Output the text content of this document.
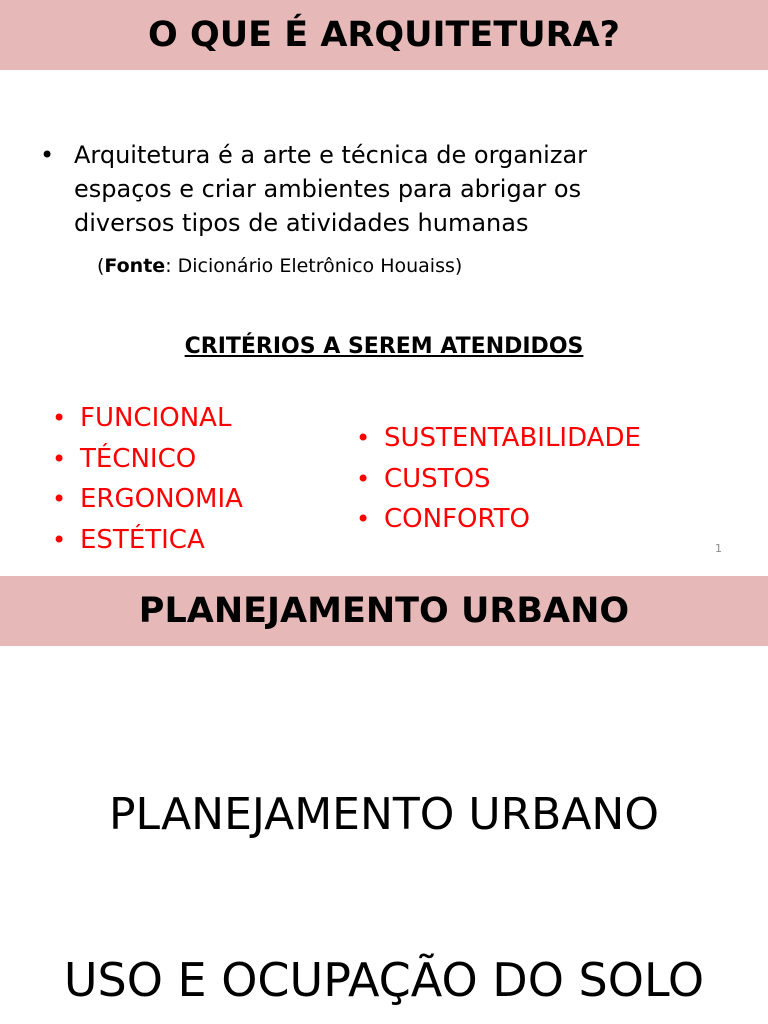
O QUE É ARQUITETURA?
• Arquitetura é a arte e técnica de organizar espaços e criar ambientes para abrigar os diversos tipos de atividades humanas
(Fonte: Dicionário Eletrônico Houaiss)
CRITÉRIOS A SEREM ATENDIDOS
• FUNCIONAL
• TÉCNICO
• ERGONOMIA
• ESTÉTICA
• SUSTENTABILIDADE
• CUSTOS
• CONFORTO
1
PLANEJAMENTO URBANO
PLANEJAMENTO URBANO
USO E OCUPAÇÃO DO SOLO
